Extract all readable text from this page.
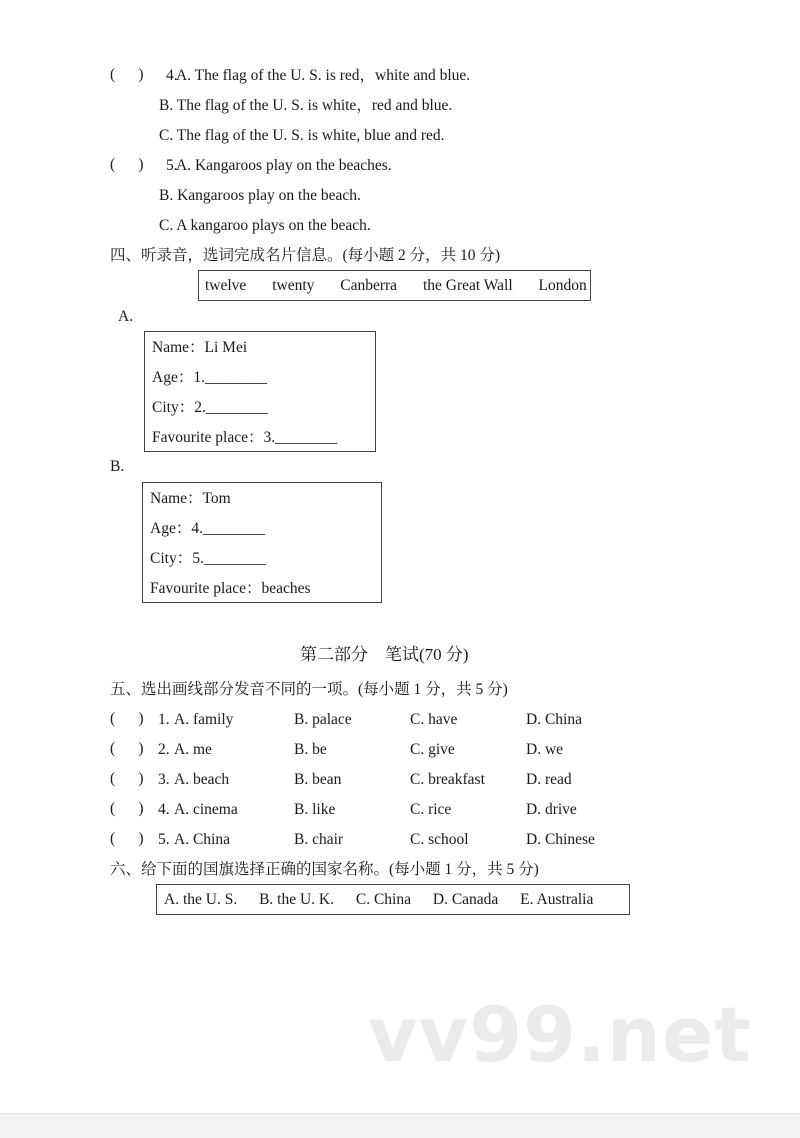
(      ) 4.
A. The flag of the U. S. is red，white and blue.
B. The flag of the U. S. is white，red and blue.
C. The flag of the U. S. is white, blue and red.
(      ) 5.
A. Kangaroos play on the beaches.
B. Kangaroos play on the beach.
C. A kangaroo plays on the beach.
四、听录音，选词完成名片信息。(每小题 2 分，共 10 分)
twelve twenty Canberra the Great Wall London
A.
Name：Li Mei
Age：1.________
City：2.________
Favourite place：3.________
B.
Name：Tom
Age：4.________
City：5.________
Favourite place：beaches
第二部分    笔试(70 分)
五、选出画线部分发音不同的一项。(每小题 1 分，共 5 分)
(      ) 1. A. family	B. palace	C. have	D. China
(      ) 2. A. me	B. be	C. give	D. we
(      ) 3. A. beach	B. bean	C. breakfast	D. read
(      ) 4. A. cinema	B. like	C. rice	D. drive
(      ) 5. A. China	B. chair	C. school	D. Chinese
六、给下面的国旗选择正确的国家名称。(每小题 1 分，共 5 分)
A. the U. S. B. the U. K. C. China D. Canada E. Australia
vv99.net
